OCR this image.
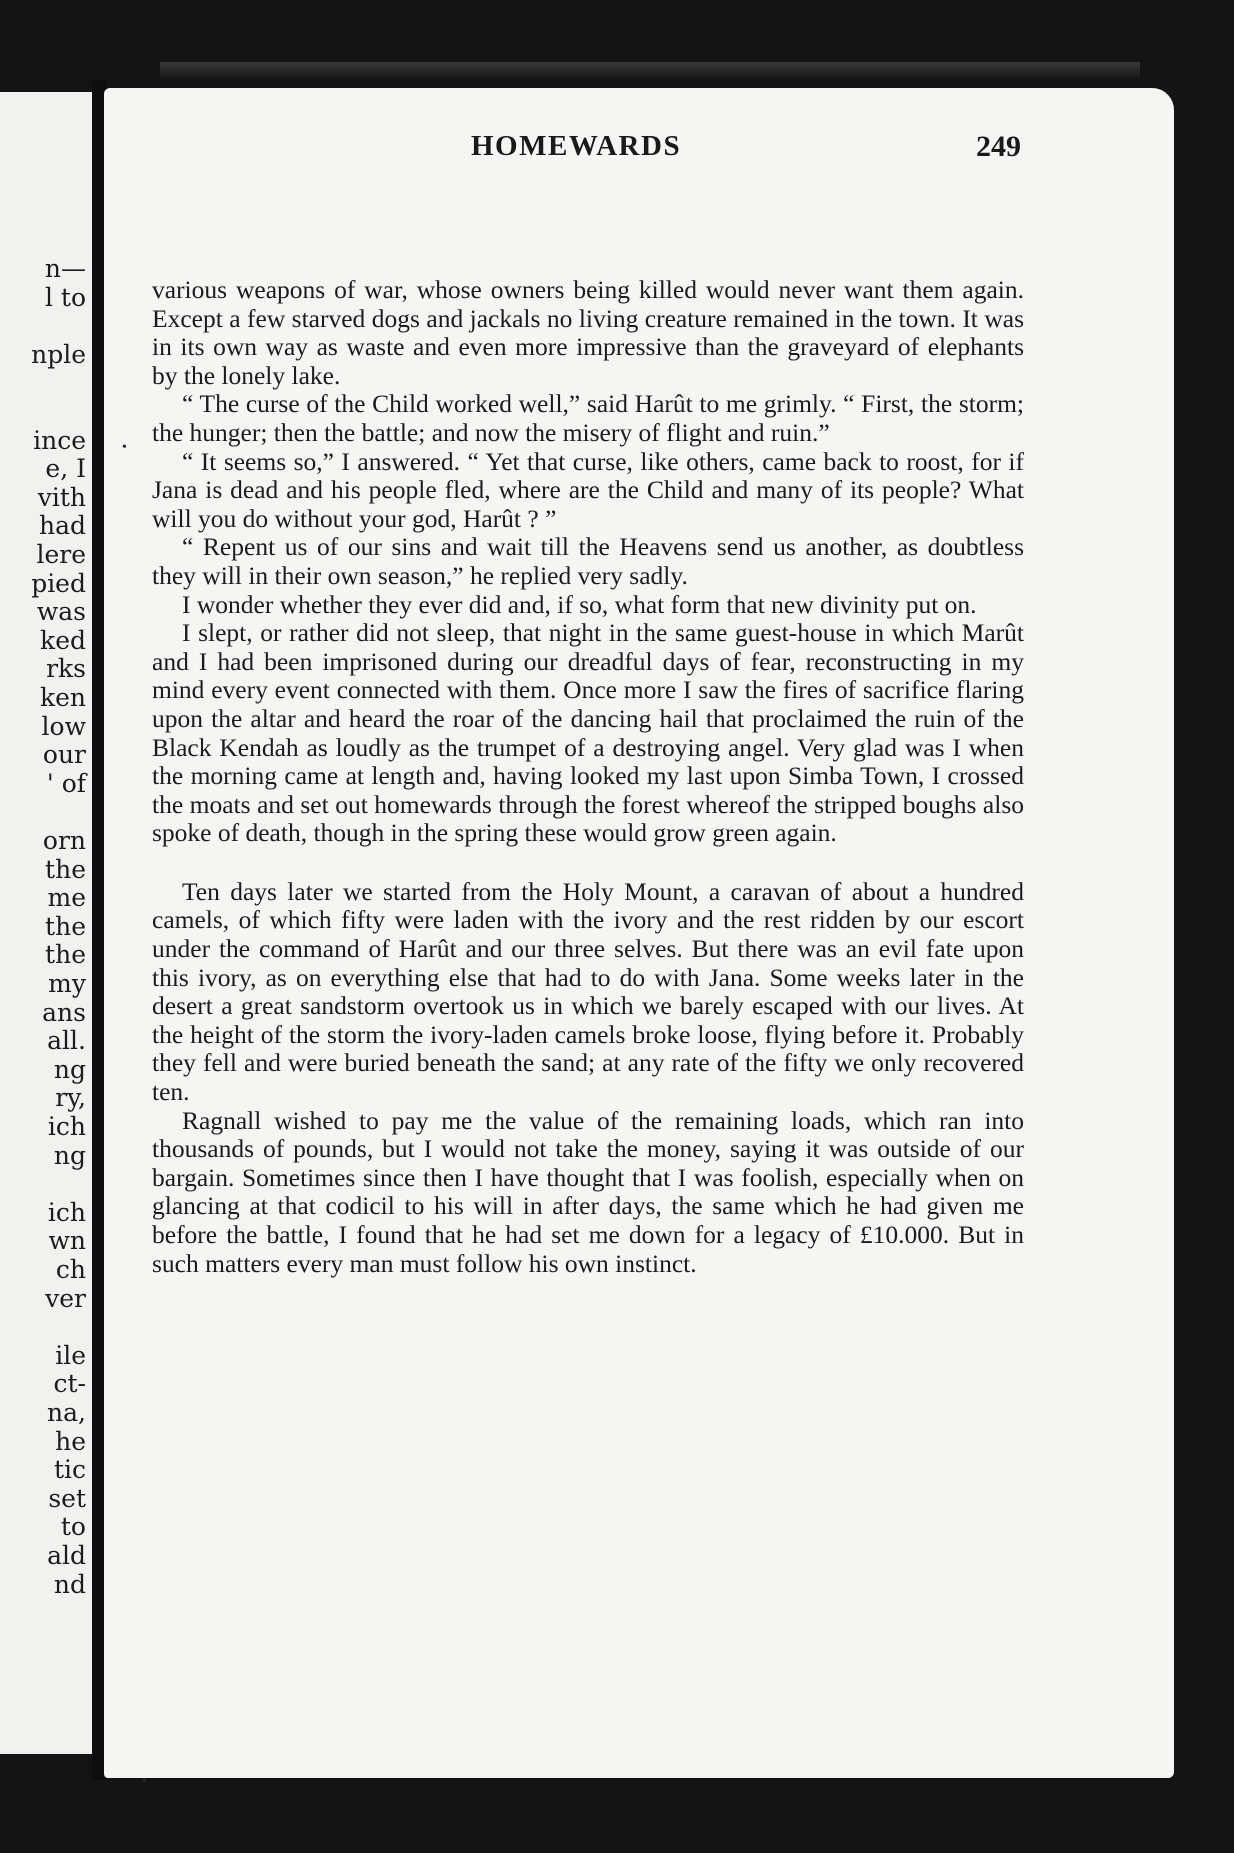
n—
l to
nple
ince
e, I
vith
had
lere
pied
was
ked
rks
ken
low
our
' of
orn
the
me
the
the
my
ans
all.
ng
ry,
ich
ng
ich
wn
ch
ver
ile
ct-
na,
he
tic
set
to
ald
nd
HOMEWARDS	249

various weapons of war, whose owners being killed would never want them again. Except a few starved dogs and jackals no living creature remained in the town. It was in its own way as waste and even more impressive than the graveyard of elephants by the lonely lake.

“ The curse of the Child worked well,” said Harût to me grimly. “ First, the storm; the hunger; then the battle; and now the misery of flight and ruin.”

“ It seems so,” I answered. “ Yet that curse, like others, came back to roost, for if Jana is dead and his people fled, where are the Child and many of its people? What will you do without your god, Harût ? ”

“ Repent us of our sins and wait till the Heavens send us another, as doubtless they will in their own season,” he replied very sadly.

I wonder whether they ever did and, if so, what form that new divinity put on.

I slept, or rather did not sleep, that night in the same guest-house in which Marût and I had been imprisoned during our dreadful days of fear, reconstructing in my mind every event connected with them. Once more I saw the fires of sacrifice flaring upon the altar and heard the roar of the dancing hail that proclaimed the ruin of the Black Kendah as loudly as the trumpet of a destroying angel. Very glad was I when the morning came at length and, having looked my last upon Simba Town, I crossed the moats and set out homewards through the forest whereof the stripped boughs also spoke of death, though in the spring these would grow green again.

Ten days later we started from the Holy Mount, a caravan of about a hundred camels, of which fifty were laden with the ivory and the rest ridden by our escort under the command of Harût and our three selves. But there was an evil fate upon this ivory, as on everything else that had to do with Jana. Some weeks later in the desert a great sandstorm overtook us in which we barely escaped with our lives. At the height of the storm the ivory-laden camels broke loose, flying before it. Probably they fell and were buried beneath the sand; at any rate of the fifty we only recovered ten.

Ragnall wished to pay me the value of the remaining loads, which ran into thousands of pounds, but I would not take the money, saying it was outside of our bargain. Sometimes since then I have thought that I was foolish, especially when on glancing at that codicil to his will in after days, the same which he had given me before the battle, I found that he had set me down for a legacy of £10.000. But in such matters every man must follow his own instinct.

•
•
